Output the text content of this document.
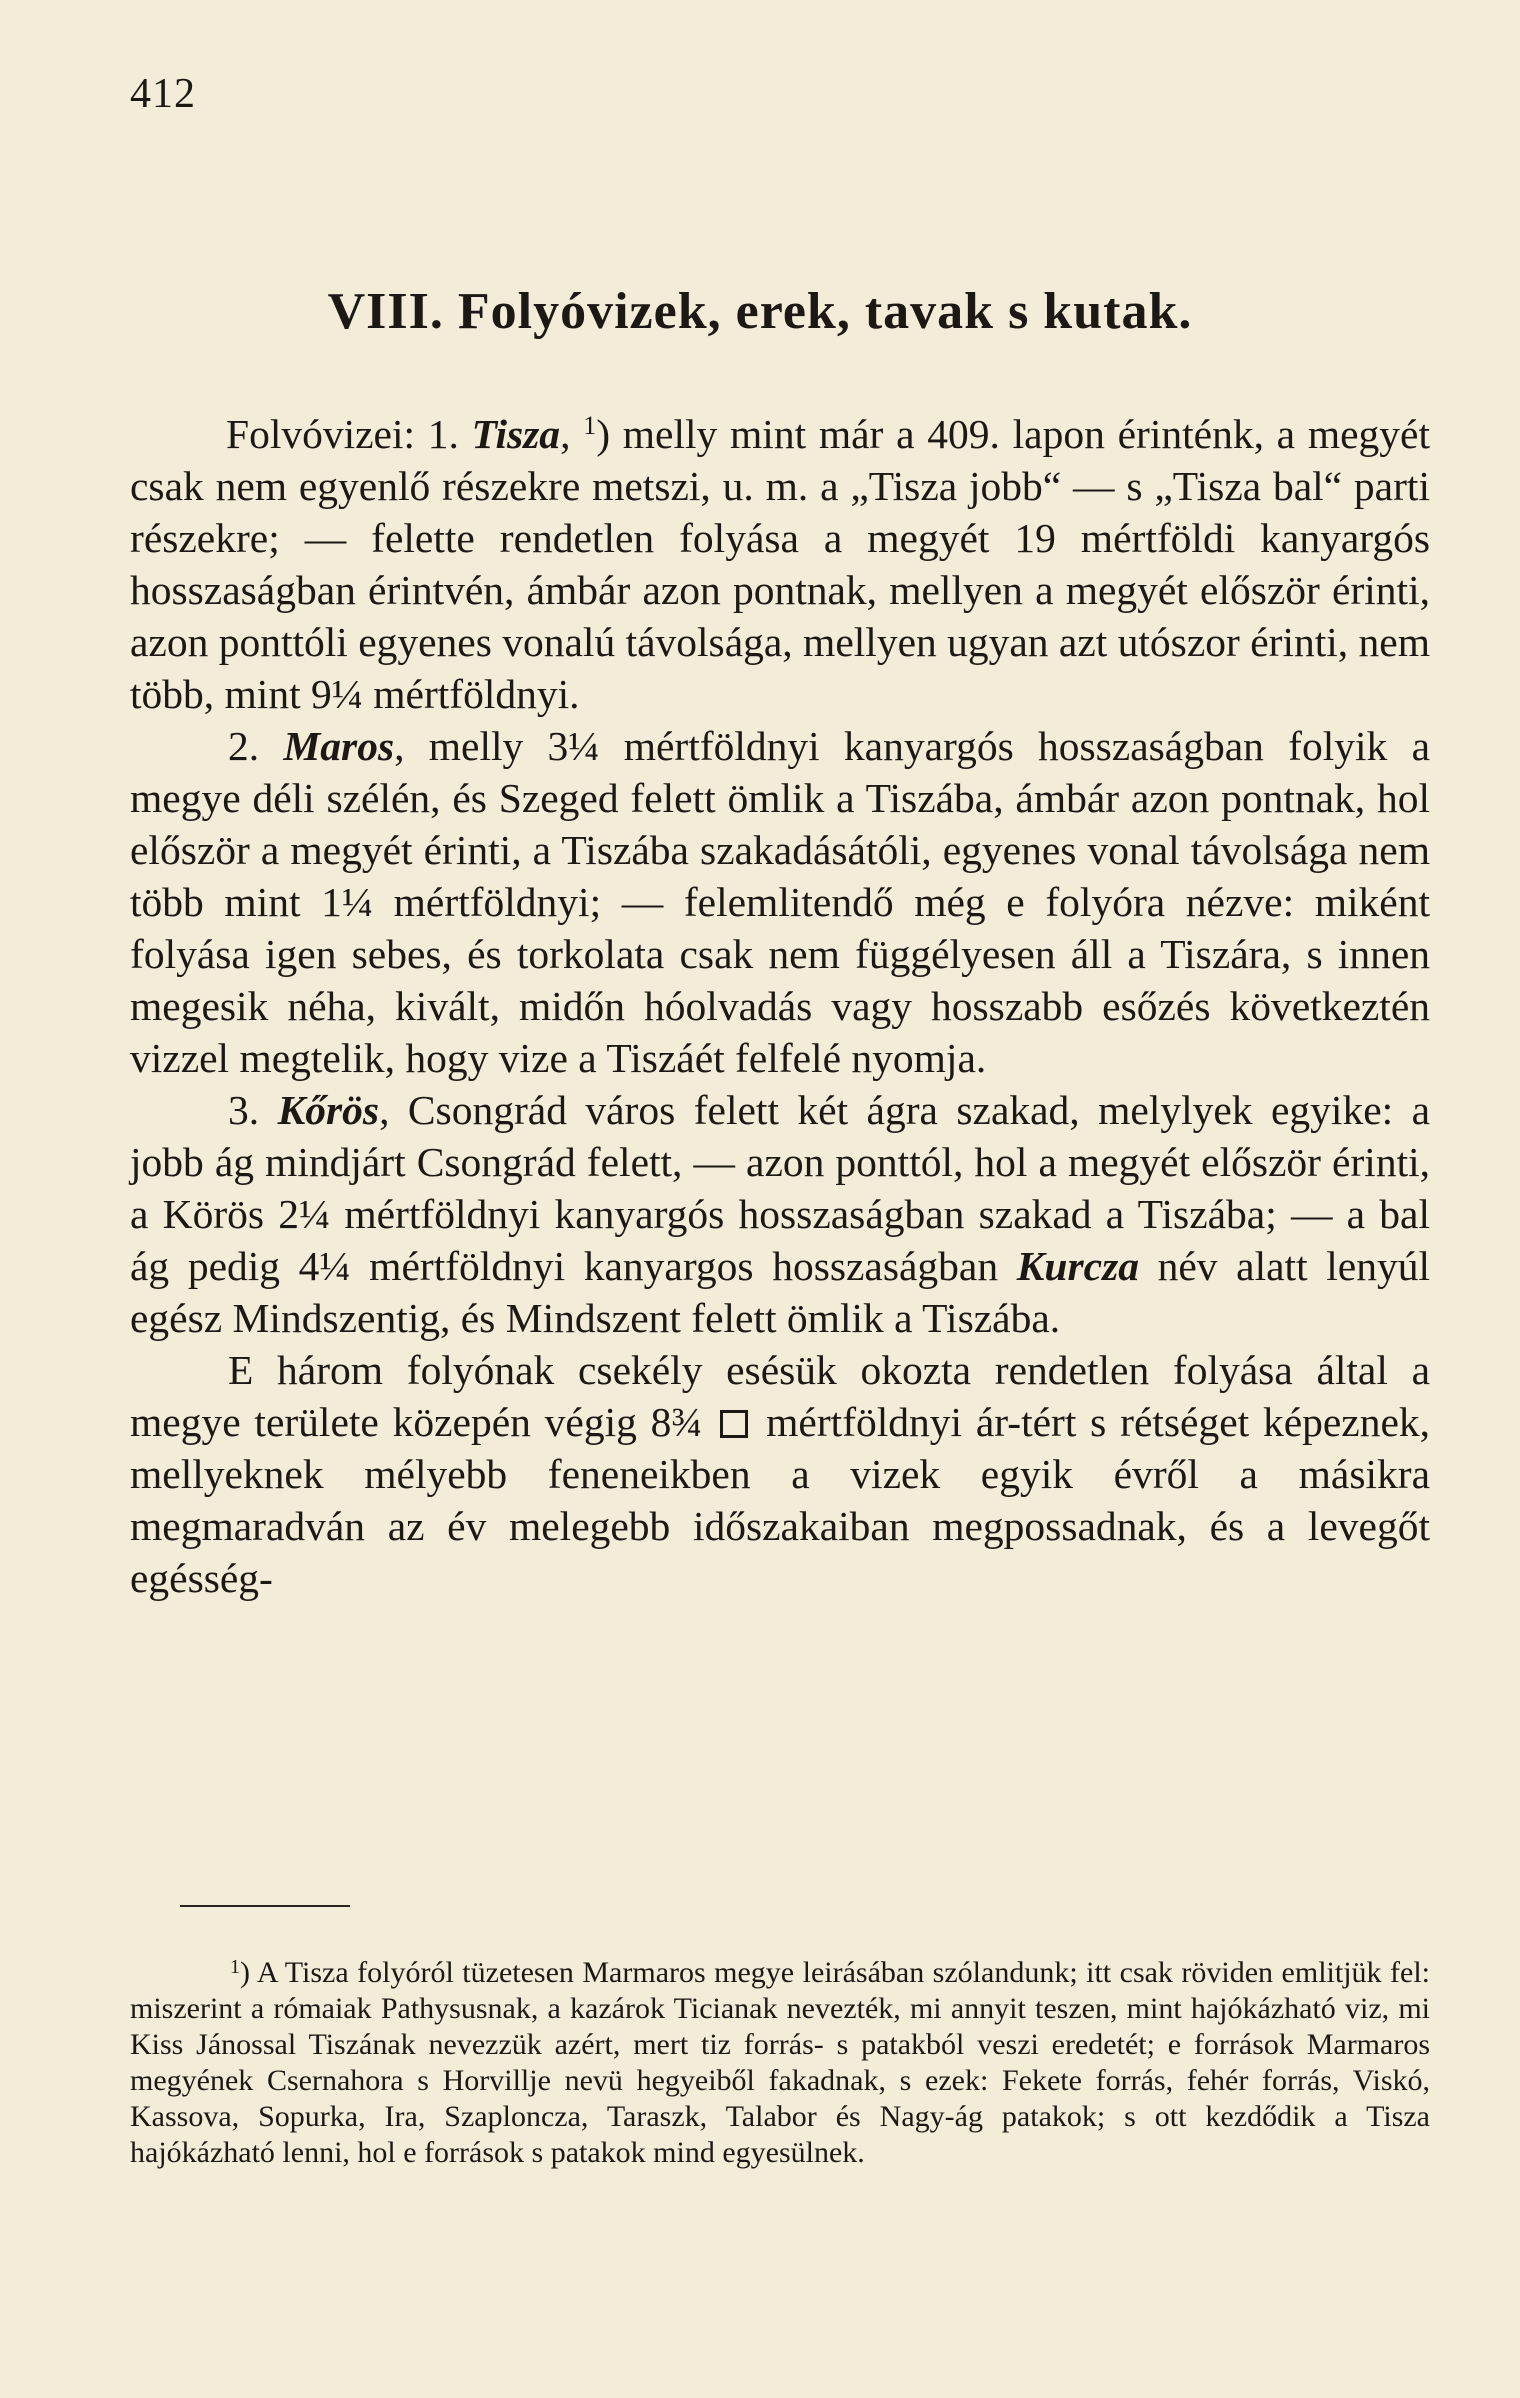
412
VIII. Folyóvizek, erek, tavak s kutak.

Folvóvizei: 1. Tisza, $^1$) melly mint már a 409. lapon érinténk, a megyét csak nem egyenlő részekre metszi, u. m. a „Tisza jobb“ — s „Tisza bal“ parti részekre; — felette rendetlen folyása a megyét 19 mértföldi kanyargós hosszaságban érintvén, ámbár azon pontnak, mellyen a megyét először érinti, azon ponttóli egyenes vonalú távolsága, mellyen ugyan azt utószor érinti, nem több, mint 9¼ mértföldnyi.

2. Maros, melly 3¼ mértföldnyi kanyargós hosszaságban folyik a megye déli szélén, és Szeged felett ömlik a Tiszába, ámbár azon pontnak, hol először a megyét érinti, a Tiszába szakadásátóli, egyenes vonal távolsága nem több mint 1¼ mértföldnyi; — felemlitendő még e folyóra nézve: miként folyása igen sebes, és torkolata csak nem függélyesen áll a Tiszára, s innen megesik néha, kivált, midőn hóolvadás vagy hosszabb esőzés következtén vizzel megtelik, hogy vize a Tiszáét felfelé nyomja.

3. Kőrös, Csongrád város felett két ágra szakad, melylyek egyike: a jobb ág mindjárt Csongrád felett, — azon ponttól, hol a megyét először érinti, a Körös 2¼ mértföldnyi kanyargós hosszaságban szakad a Tiszába; — a bal ág pedig 4¼ mértföldnyi kanyargos hosszaságban Kurcza név alatt lenyúl egész Mindszentig, és Mindszent felett ömlik a Tiszába.

E három folyónak csekély esésük okozta rendetlen folyása által a megye területe közepén végig 8¾ mértföldnyi ár-tért s rétséget képeznek, mellyeknek mélyebb feneneikben a vizek egyik évről a másikra megmaradván az év melegebb időszakaiban megpossadnak, és a levegőt egésség-

$^1$) A Tisza folyóról tüzetesen Marmaros megye leirásában szólandunk; itt csak röviden emlitjük fel: miszerint a rómaiak Pathysusnak, a kazárok Ticianak nevezték, mi annyit teszen, mint hajókázható viz, mi Kiss Jánossal Tiszának nevezzük azért, mert tiz forrás- s patakból veszi eredetét; e források Marmaros megyének Csernahora s Horvillje nevü hegyeiből fakadnak, s ezek: Fekete forrás, fehér forrás, Viskó, Kassova, Sopurka, Ira, Szaploncza, Taraszk, Talabor és Nagy-ág patakok; s ott kezdődik a Tisza hajókázható lenni, hol e források s patakok mind egyesülnek.
